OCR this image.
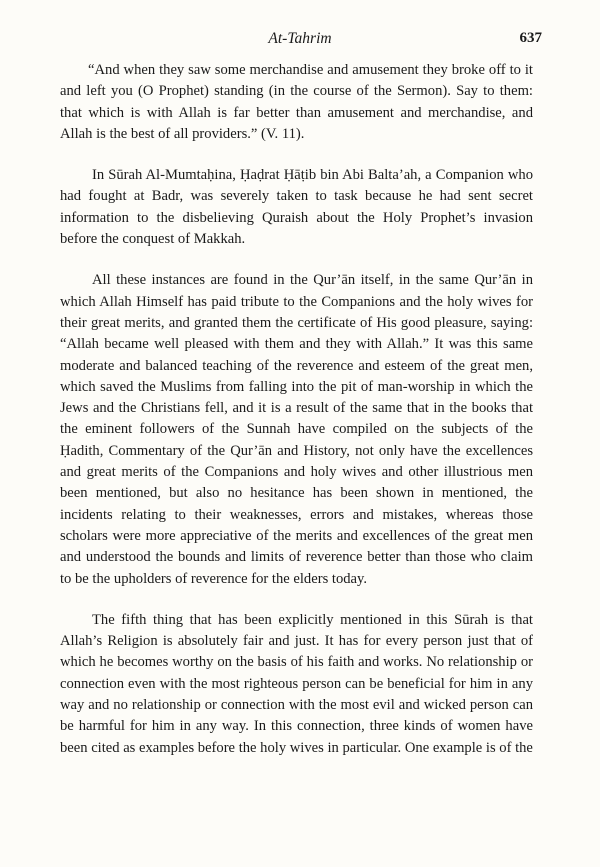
At-Tahrim	637

“And when they saw some merchandise and amusement they broke off to it and left you (O Prophet) standing (in the course of the Sermon). Say to them: that which is with Allah is far better than amusement and merchandise, and Allah is the best of all providers.” (V. 11).

In Sūrah Al-Mumtaḥina, Ḥaḍrat Ḥāṭib bin Abi Balta’ah, a Companion who had fought at Badr, was severely taken to task because he had sent secret information to the disbelieving Quraish about the Holy Prophet’s invasion before the conquest of Makkah.

All these instances are found in the Qur’ān itself, in the same Qur’ān in which Allah Himself has paid tribute to the Companions and the holy wives for their great merits, and granted them the certificate of His good pleasure, saying: “Allah became well pleased with them and they with Allah.” It was this same moderate and balanced teaching of the reverence and esteem of the great men, which saved the Muslims from falling into the pit of man-worship in which the Jews and the Christians fell, and it is a result of the same that in the books that the eminent followers of the Sunnah have compiled on the subjects of the Ḥadith, Commentary of the Qur’ān and History, not only have the excellences and great merits of the Companions and holy wives and other illustrious men been mentioned, but also no hesitance has been shown in mentioned, the incidents relating to their weaknesses, errors and mistakes, whereas those scholars were more appreciative of the merits and excellences of the great men and understood the bounds and limits of reverence better than those who claim to be the upholders of reverence for the elders today.

The fifth thing that has been explicitly mentioned in this Sūrah is that Allah’s Religion is absolutely fair and just. It has for every person just that of which he becomes worthy on the basis of his faith and works. No relationship or connection even with the most righteous person can be beneficial for him in any way and no relationship or connection with the most evil and wicked person can be harmful for him in any way. In this connection, three kinds of women have been cited as examples before the holy wives in particular. One example is of the
